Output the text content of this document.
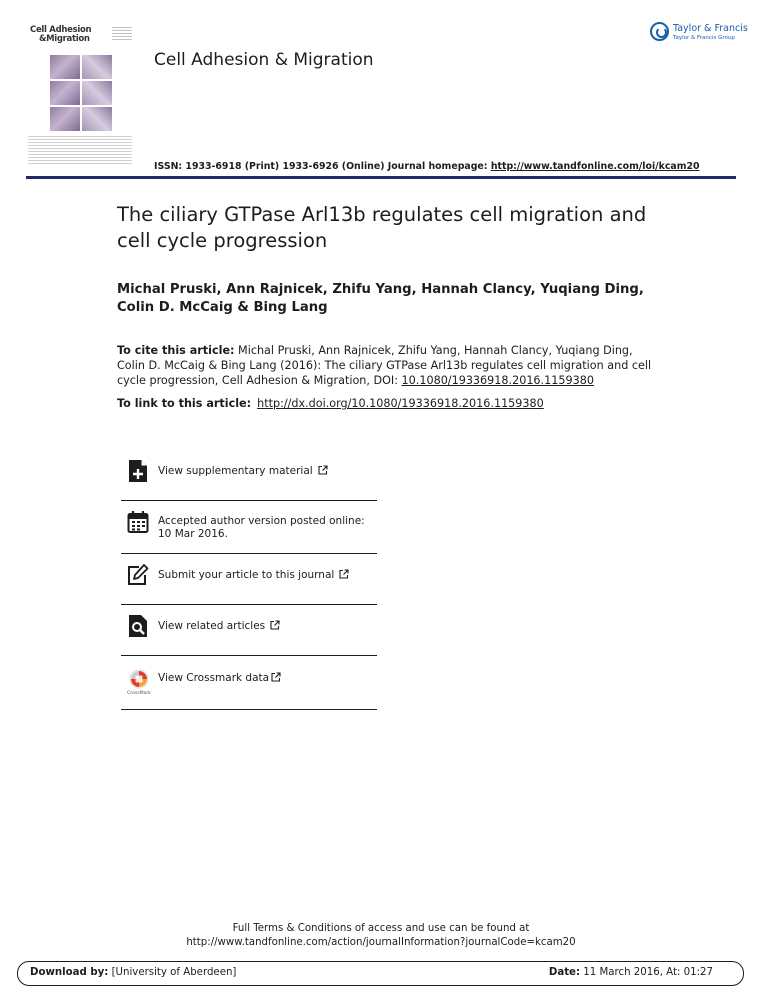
Cell Adhesion
&Migration
Cell Adhesion & Migration
Taylor & Francis
Taylor & Francis Group
ISSN: 1933-6918 (Print) 1933-6926 (Online) Journal homepage: http://www.tandfonline.com/loi/kcam20
The ciliary GTPase Arl13b regulates cell migration and cell cycle progression
Michal Pruski, Ann Rajnicek, Zhifu Yang, Hannah Clancy, Yuqiang Ding, Colin D. McCaig & Bing Lang
To cite this article: Michal Pruski, Ann Rajnicek, Zhifu Yang, Hannah Clancy, Yuqiang Ding, Colin D. McCaig & Bing Lang (2016): The ciliary GTPase Arl13b regulates cell migration and cell cycle progression, Cell Adhesion & Migration, DOI: 10.1080/19336918.2016.1159380
To link to this article: http://dx.doi.org/10.1080/19336918.2016.1159380
View supplementary material
Accepted author version posted online: 10 Mar 2016.
Submit your article to this journal
View related articles
CrossMark
View Crossmark data
Full Terms & Conditions of access and use can be found at
http://www.tandfonline.com/action/journalInformation?journalCode=kcam20
Download by: [University of Aberdeen]	Date: 11 March 2016, At: 01:27
